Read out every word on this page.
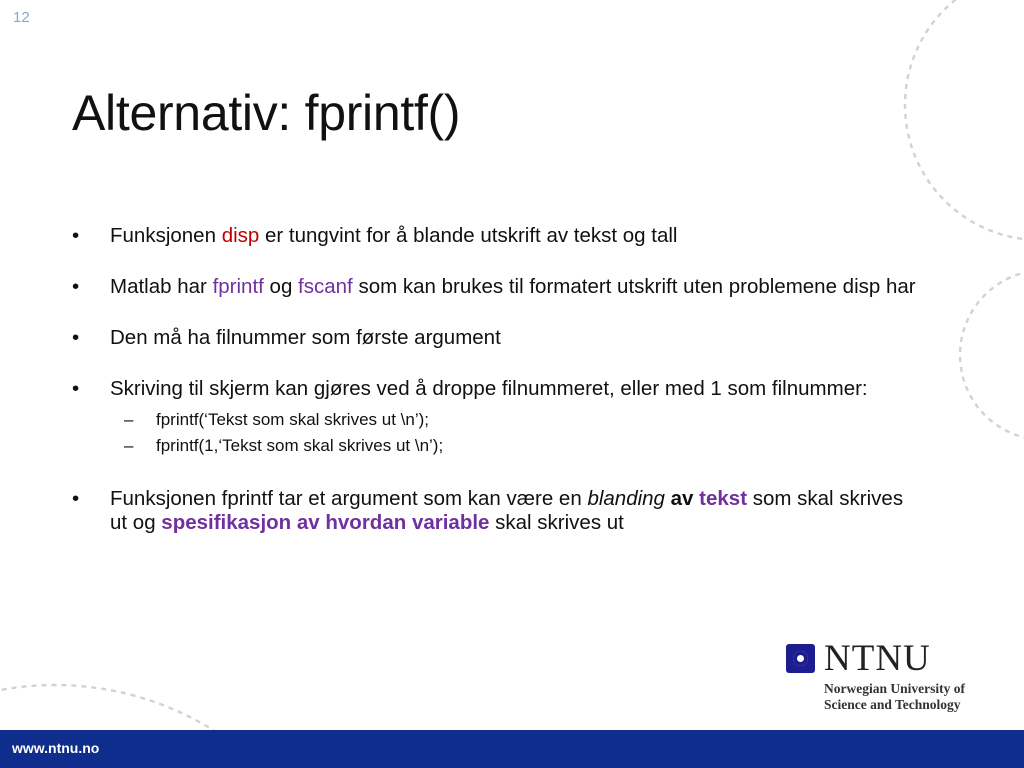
12
Alternativ: fprintf()
• Funksjonen disp er tungvint for å blande utskrift av tekst og tall
• Matlab har fprintf og fscanf som kan brukes til formatert utskrift uten problemene disp har
• Den må ha filnummer som første argument
• Skriving til skjerm kan gjøres ved å droppe filnummeret, eller med 1 som filnummer:
– fprintf(‘Tekst som skal skrives ut \n’);
– fprintf(1,‘Tekst som skal skrives ut \n’);
• Funksjonen fprintf tar et argument som kan være en blanding av tekst som skal skrives ut og spesifikasjon av hvordan variable skal skrives ut
NTNU
Norwegian University of
Science and Technology
www.ntnu.no
